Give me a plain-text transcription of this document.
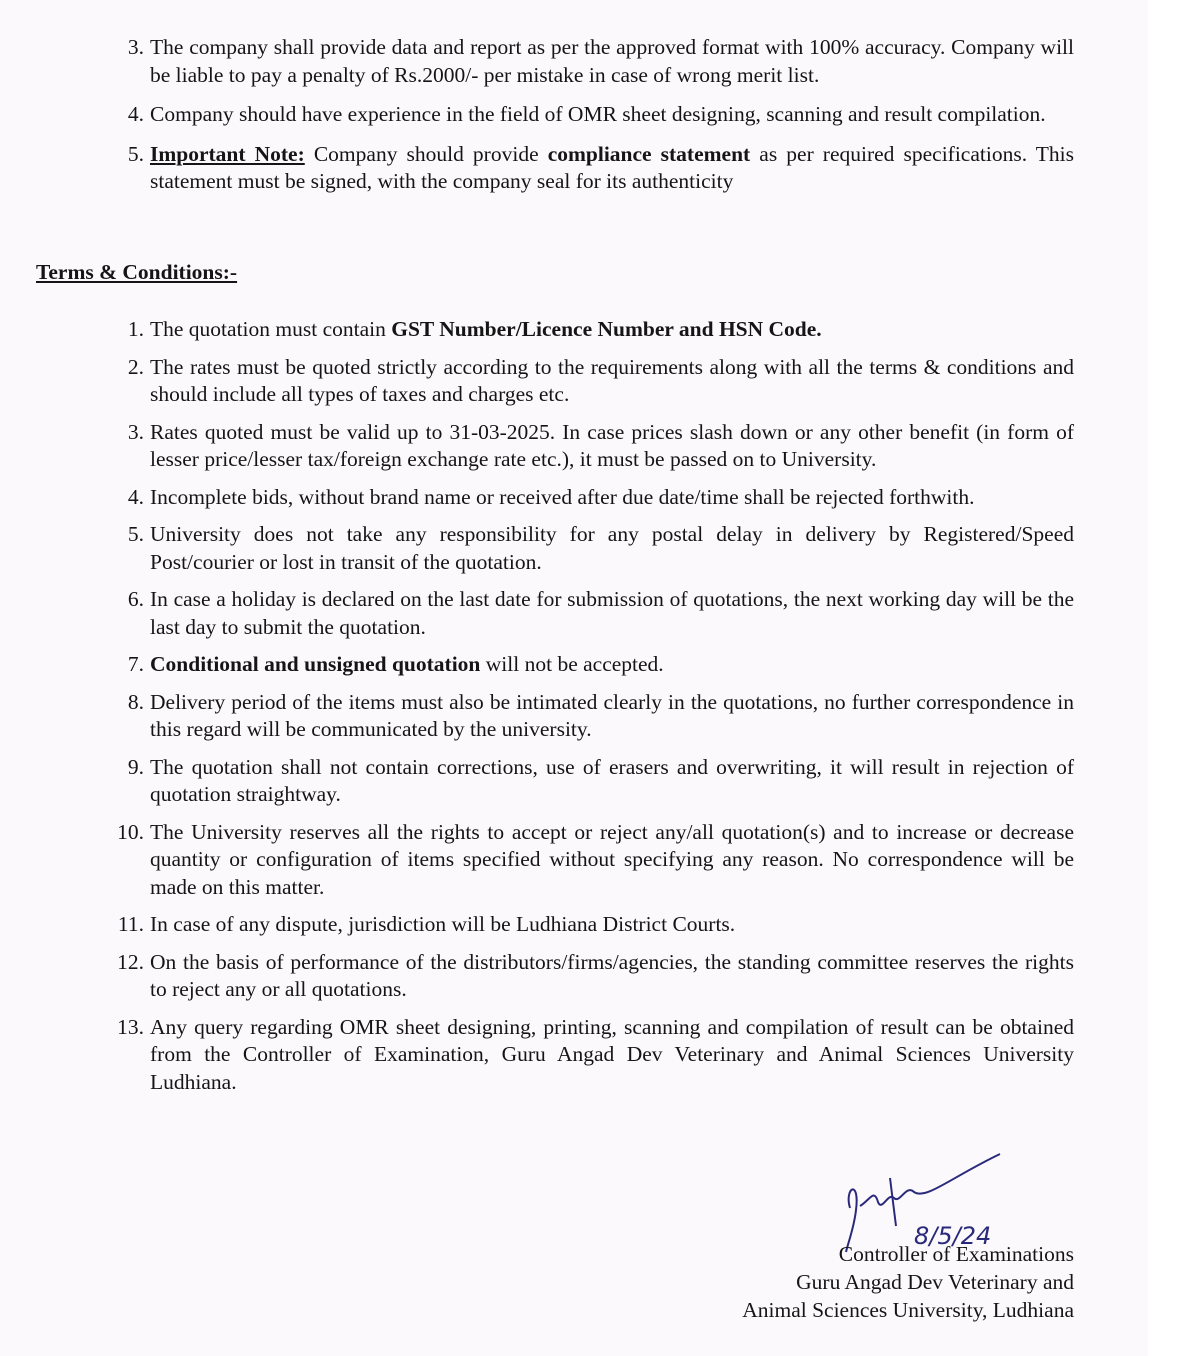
3. The company shall provide data and report as per the approved format with 100% accuracy. Company will be liable to pay a penalty of Rs.2000/- per mistake in case of wrong merit list.
4. Company should have experience in the field of OMR sheet designing, scanning and result compilation.
5. Important Note: Company should provide compliance statement as per required specifications. This statement must be signed, with the company seal for its authenticity
Terms & Conditions:-
1. The quotation must contain GST Number/Licence Number and HSN Code.
2. The rates must be quoted strictly according to the requirements along with all the terms & conditions and should include all types of taxes and charges etc.
3. Rates quoted must be valid up to 31-03-2025. In case prices slash down or any other benefit (in form of lesser price/lesser tax/foreign exchange rate etc.), it must be passed on to University.
4. Incomplete bids, without brand name or received after due date/time shall be rejected forthwith.
5. University does not take any responsibility for any postal delay in delivery by Registered/Speed Post/courier or lost in transit of the quotation.
6. In case a holiday is declared on the last date for submission of quotations, the next working day will be the last day to submit the quotation.
7. Conditional and unsigned quotation will not be accepted.
8. Delivery period of the items must also be intimated clearly in the quotations, no further correspondence in this regard will be communicated by the university.
9. The quotation shall not contain corrections, use of erasers and overwriting, it will result in rejection of quotation straightway.
10. The University reserves all the rights to accept or reject any/all quotation(s) and to increase or decrease quantity or configuration of items specified without specifying any reason. No correspondence will be made on this matter.
11. In case of any dispute, jurisdiction will be Ludhiana District Courts.
12. On the basis of performance of the distributors/firms/agencies, the standing committee reserves the rights to reject any or all quotations.
13. Any query regarding OMR sheet designing, printing, scanning and compilation of result can be obtained from the Controller of Examination, Guru Angad Dev Veterinary and Animal Sciences University Ludhiana.
8/5/24
Controller of Examinations
Guru Angad Dev Veterinary and
Animal Sciences University, Ludhiana
